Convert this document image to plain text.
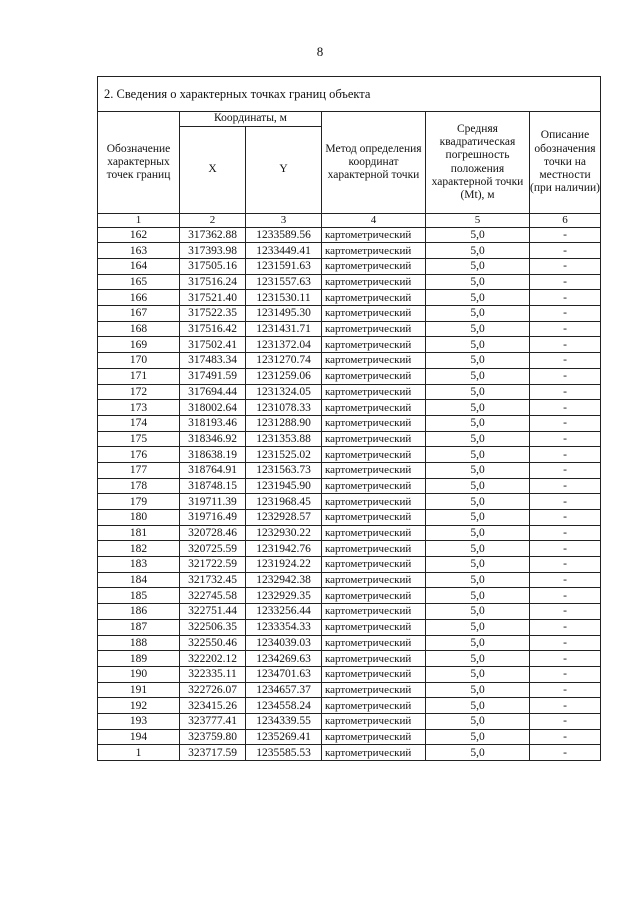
8
2. Сведения о характерных точках границ объекта					
Обозначение характерных точек границ	Координаты, м		Метод определения координат характерной точки	Средняя квадратическая погрешность положения характерной точки (Mt), м	Описание обозначения точки на местности (при наличии)
	X	Y			
1	2	3	4	5	6
162	317362.88	1233589.56	картометрический	5,0	-
163	317393.98	1233449.41	картометрический	5,0	-
164	317505.16	1231591.63	картометрический	5,0	-
165	317516.24	1231557.63	картометрический	5,0	-
166	317521.40	1231530.11	картометрический	5,0	-
167	317522.35	1231495.30	картометрический	5,0	-
168	317516.42	1231431.71	картометрический	5,0	-
169	317502.41	1231372.04	картометрический	5,0	-
170	317483.34	1231270.74	картометрический	5,0	-
171	317491.59	1231259.06	картометрический	5,0	-
172	317694.44	1231324.05	картометрический	5,0	-
173	318002.64	1231078.33	картометрический	5,0	-
174	318193.46	1231288.90	картометрический	5,0	-
175	318346.92	1231353.88	картометрический	5,0	-
176	318638.19	1231525.02	картометрический	5,0	-
177	318764.91	1231563.73	картометрический	5,0	-
178	318748.15	1231945.90	картометрический	5,0	-
179	319711.39	1231968.45	картометрический	5,0	-
180	319716.49	1232928.57	картометрический	5,0	-
181	320728.46	1232930.22	картометрический	5,0	-
182	320725.59	1231942.76	картометрический	5,0	-
183	321722.59	1231924.22	картометрический	5,0	-
184	321732.45	1232942.38	картометрический	5,0	-
185	322745.58	1232929.35	картометрический	5,0	-
186	322751.44	1233256.44	картометрический	5,0	-
187	322506.35	1233354.33	картометрический	5,0	-
188	322550.46	1234039.03	картометрический	5,0	-
189	322202.12	1234269.63	картометрический	5,0	-
190	322335.11	1234701.63	картометрический	5,0	-
191	322726.07	1234657.37	картометрический	5,0	-
192	323415.26	1234558.24	картометрический	5,0	-
193	323777.41	1234339.55	картометрический	5,0	-
194	323759.80	1235269.41	картометрический	5,0	-
1	323717.59	1235585.53	картометрический	5,0	-
